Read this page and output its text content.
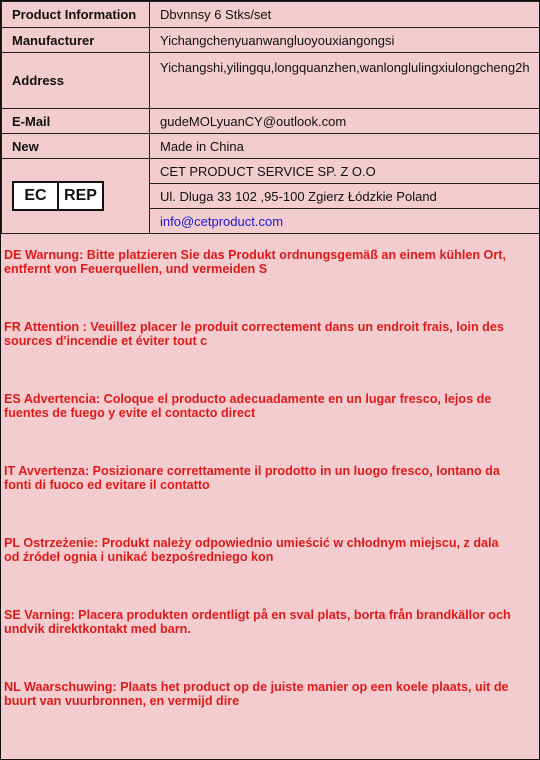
Product Information	Dbvnnsy 6 Stks/set
Manufacturer	Yichangchenyuanwangluoyouxiangongsi
Address	Yichangshi,yilingqu,longquanzhen,wanlonglulingxiulongcheng2h
E-Mail	gudeMOLyuanCY@outlook.com
New	Made in China

EC REP	CET PRODUCT SERVICE SP. Z O.O
	Ul. Dluga 33 102 ,95-100 Zgierz Łódzkie Poland
	info@cetproduct.com
DE Warnung: Bitte platzieren Sie das Produkt ordnungsgemäß an einem kühlen Ort,
entfernt von Feuerquellen, und vermeiden S
FR Attention : Veuillez placer le produit correctement dans un endroit frais, loin des
sources d'incendie et éviter tout c
ES Advertencia: Coloque el producto adecuadamente en un lugar fresco, lejos de
fuentes de fuego y evite el contacto direct
IT Avvertenza: Posizionare correttamente il prodotto in un luogo fresco, lontano da
fonti di fuoco ed evitare il contatto
PL Ostrzeżenie: Produkt należy odpowiednio umieścić w chłodnym miejscu, z dala
od źródeł ognia i unikać bezpośredniego kon
SE Varning: Placera produkten ordentligt på en sval plats, borta från brandkällor och
undvik direktkontakt med barn.
NL Waarschuwing: Plaats het product op de juiste manier op een koele plaats, uit de
buurt van vuurbronnen, en vermijd dire
